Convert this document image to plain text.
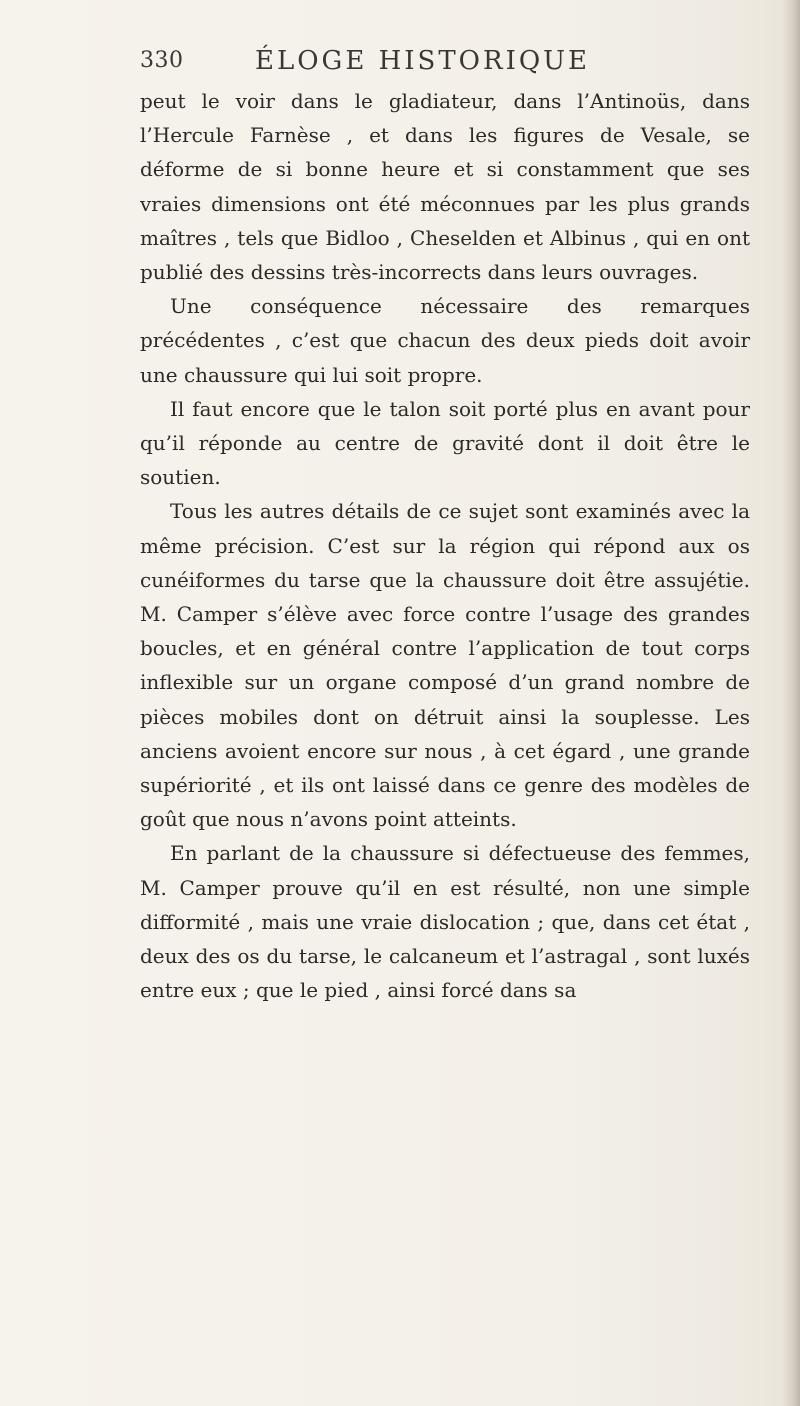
330	ÉLOGE HISTORIQUE

peut le voir dans le gladiateur, dans l’Antinoüs, dans l’Hercule Farnèse , et dans les figures de Vesale, se déforme de si bonne heure et si constamment que ses vraies dimensions ont été méconnues par les plus grands maîtres , tels que Bidloo , Cheselden et Albinus , qui en ont publié des dessins très-incorrects dans leurs ouvrages.

Une conséquence nécessaire des remarques précédentes , c’est que chacun des deux pieds doit avoir une chaussure qui lui soit propre.

Il faut encore que le talon soit porté plus en avant pour qu’il réponde au centre de gravité dont il doit être le soutien.

Tous les autres détails de ce sujet sont examinés avec la même précision. C’est sur la région qui répond aux os cunéiformes du tarse que la chaussure doit être assujétie. M. Camper s’élève avec force contre l’usage des grandes boucles, et en général contre l’application de tout corps inflexible sur un organe composé d’un grand nombre de pièces mobiles dont on détruit ainsi la souplesse. Les anciens avoient encore sur nous , à cet égard , une grande supériorité , et ils ont laissé dans ce genre des modèles de goût que nous n’avons point atteints.

En parlant de la chaussure si défectueuse des femmes, M. Camper prouve qu’il en est résulté, non une simple difformité , mais une vraie dislocation ; que, dans cet état , deux des os du tarse, le calcaneum et l’astragal , sont luxés entre eux ; que le pied , ainsi forcé dans sa
